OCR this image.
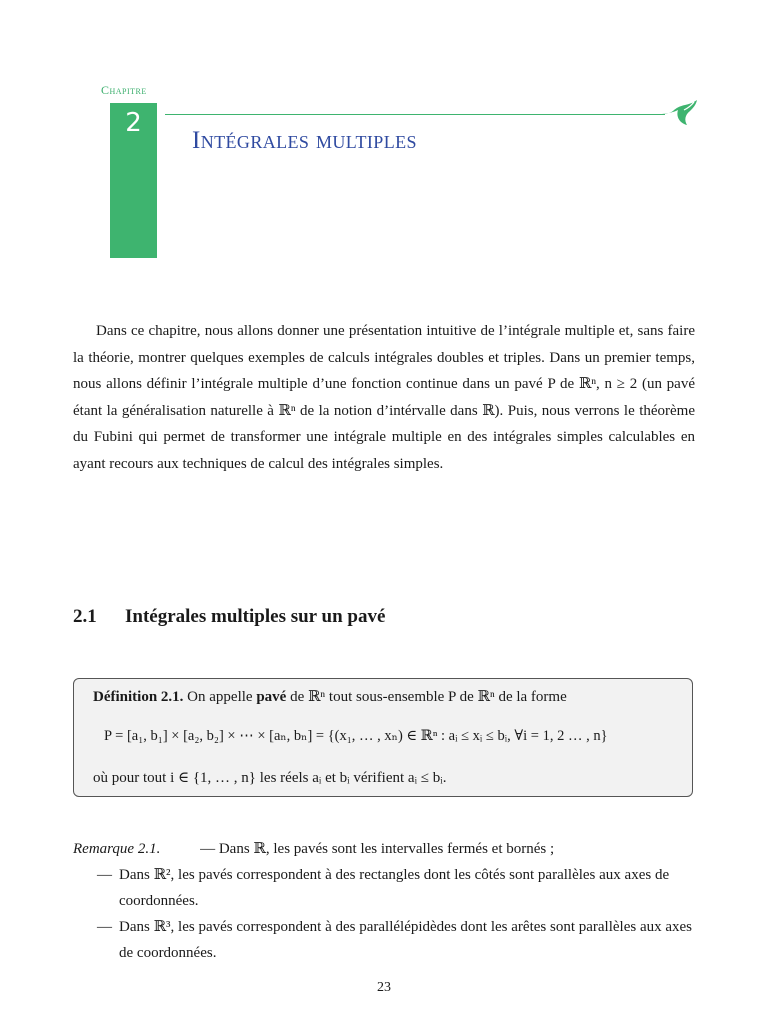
Chapitre
2
Intégrales multiples

Dans ce chapitre, nous allons donner une présentation intuitive de l’intégrale multiple et, sans faire la théorie, montrer quelques exemples de calculs intégrales doubles et triples. Dans un premier temps, nous allons définir l’intégrale multiple d’une fonction continue dans un pavé P de ℝⁿ, n ≥ 2 (un pavé étant la généralisation naturelle à ℝⁿ de la notion d’intérvalle dans ℝ). Puis, nous verrons le théorème du Fubini qui permet de transformer une intégrale multiple en des intégrales simples calculables en ayant recours aux techniques de calcul des intégrales simples.

2.1 Intégrales multiples sur un pavé
Définition 2.1. On appelle pavé de ℝⁿ tout sous-ensemble P de ℝⁿ de la forme
P = [a₁, b₁] × [a₂, b₂] × ⋯ × [aₙ, bₙ] = {(x₁, … , xₙ) ∈ ℝⁿ : aᵢ ≤ xᵢ ≤ bᵢ, ∀i = 1, 2 … , n}
où pour tout i ∈ {1, … , n} les réels aᵢ et bᵢ vérifient aᵢ ≤ bᵢ.
Remarque 2.1.	— Dans ℝ, les pavés sont les intervalles fermés et bornés ;
— Dans ℝ², les pavés correspondent à des rectangles dont les côtés sont parallèles aux axes de coordonnées.
— Dans ℝ³, les pavés correspondent à des parallélépidèdes dont les arêtes sont parallèles aux axes de coordonnées.
23
